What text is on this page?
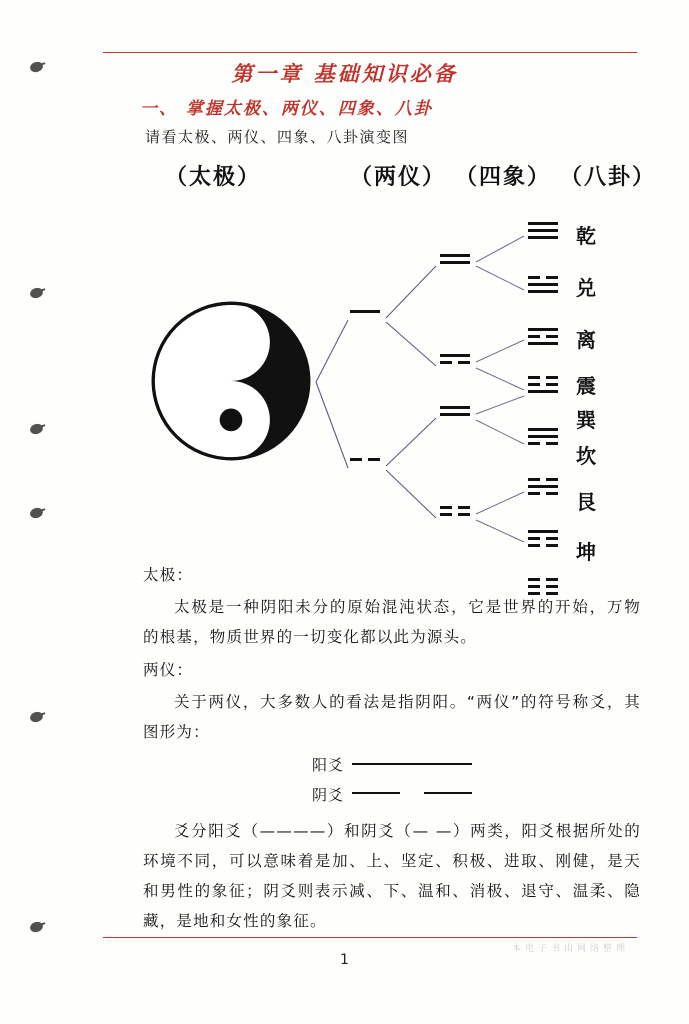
第一章 基础知识必备
一、 掌握太极、两仪、四象、八卦
请看太极、两仪、四象、八卦演变图
（太极）	（两仪） （四象） （八卦）
乾
兑
离
震
巽
坎
艮
坤

太极：

太极是一种阴阳未分的原始混沌状态，它是世界的开始，万物的根基，物质世界的一切变化都以此为源头。

两仪：

关于两仪，大多数人的看法是指阴阳。“两仪”的符号称爻，其图形为：

阳爻
阴爻

爻分阳爻（————）和阴爻（— —）两类，阳爻根据所处的环境不同，可以意味着是加、上、坚定、积极、进取、刚健，是天和男性的象征；阴爻则表示减、下、温和、消极、退守、温柔、隐藏，是地和女性的象征。

1
本电子书由网络整理
